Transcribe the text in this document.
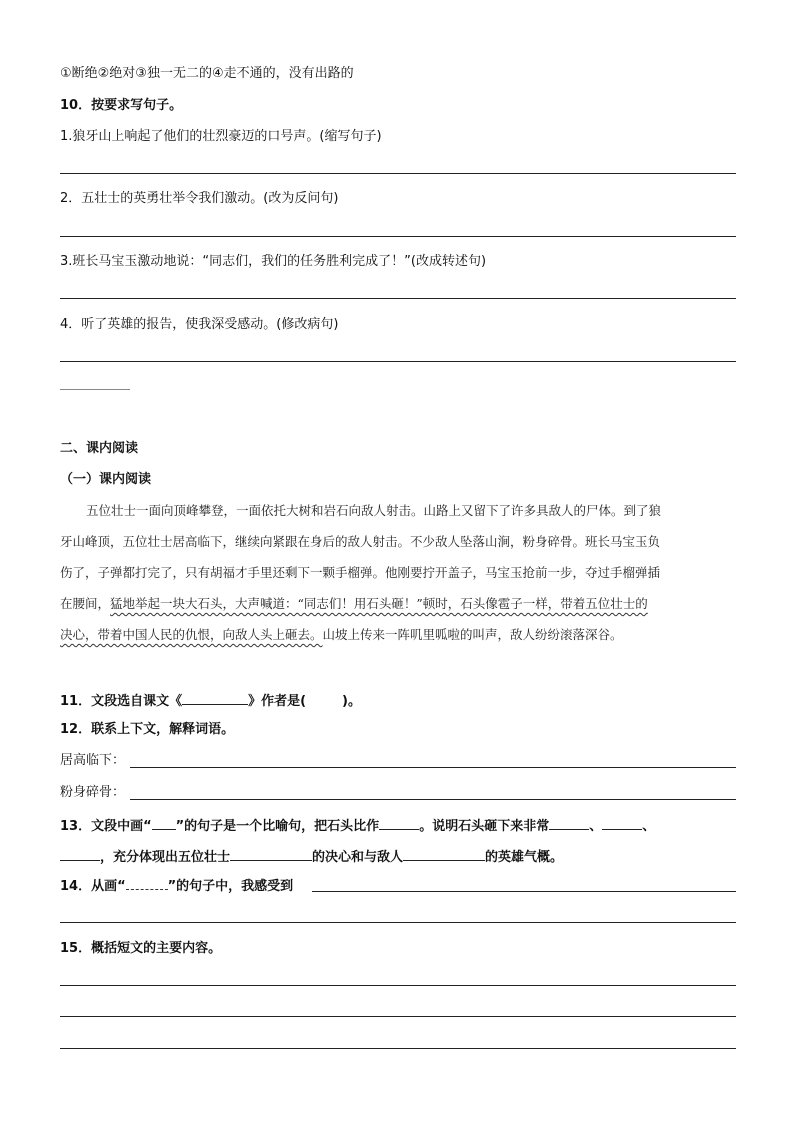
①断绝②绝对③独一无二的④走不通的，没有出路的
10．按要求写句子。
1.狼牙山上响起了他们的壮烈豪迈的口号声。(缩写句子)
2．五壮士的英勇壮举令我们激动。(改为反问句)
3.班长马宝玉激动地说：“同志们，我们的任务胜利完成了！”(改成转述句)
4．听了英雄的报告，使我深受感动。(修改病句)
二、课内阅读
（一）课内阅读
五位壮士一面向顶峰攀登，一面依托大树和岩石向敌人射击。山路上又留下了许多具敌人的尸体。到了狼
牙山峰顶，五位壮士居高临下，继续向紧跟在身后的敌人射击。不少敌人坠落山涧，粉身碎骨。班长马宝玉负
伤了，子弹都打完了，只有胡福才手里还剩下一颗手榴弹。他刚要拧开盖子，马宝玉抢前一步，夺过手榴弹插
在腰间，猛地举起一块大石头，大声喊道：“同志们！用石头砸！”顿时，石头像雹子一样，带着五位壮士的
决心，带着中国人民的仇恨，向敌人头上砸去。山坡上传来一阵叽里呱啦的叫声，敌人纷纷滚落深谷。
11．文段选自课文《	》作者是(	)。
12．联系上下文，解释词语。
居高临下：
粉身碎骨：
13．文段中画“ ”的句子是一个比喻句，把石头比作	。说明石头砸下来非常	、	、
，充分体现出五位壮士	的决心和与敌人	的英雄气概。
14．从画“	”的句子中，我感受到
15．概括短文的主要内容。
